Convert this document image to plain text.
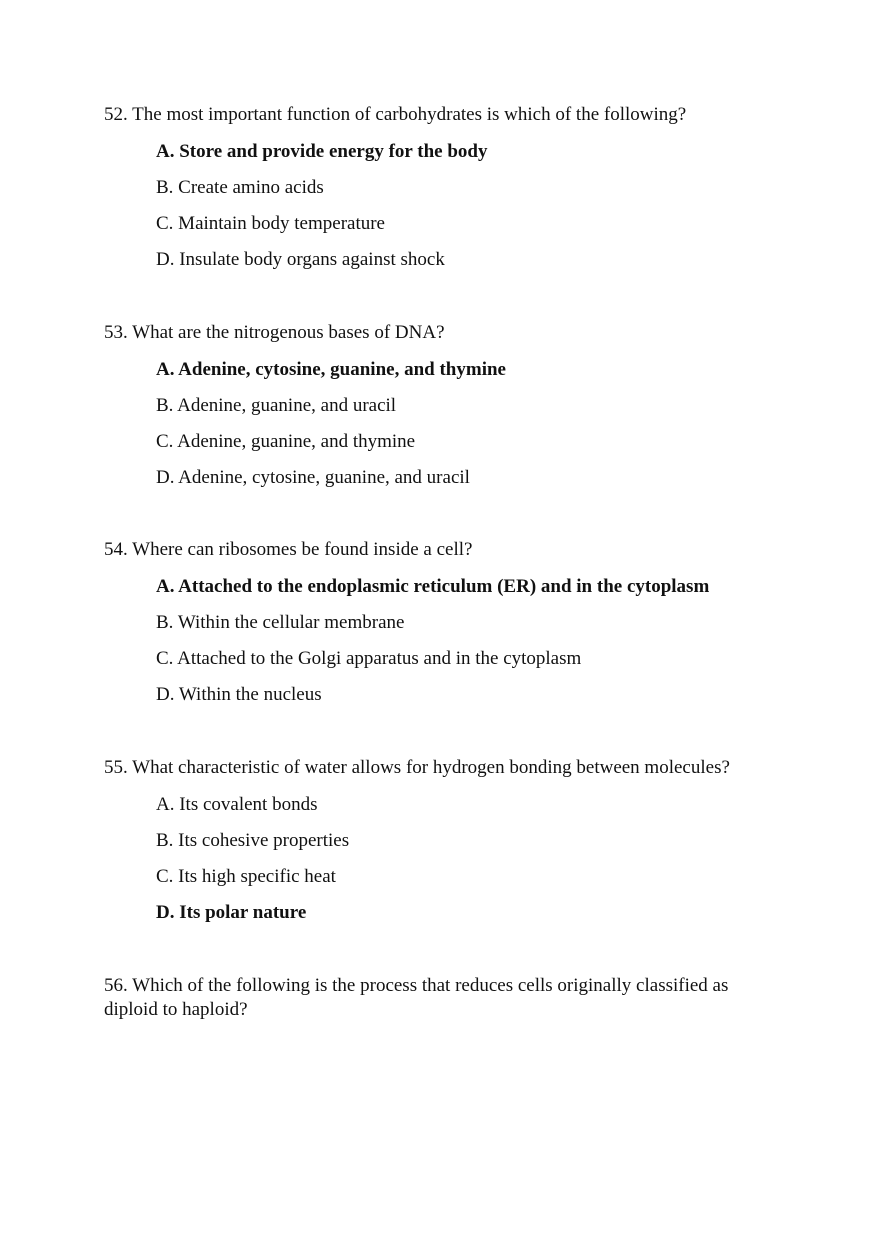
52. The most important function of carbohydrates is which of the following?

A. Store and provide energy for the body
B. Create amino acids
C. Maintain body temperature
D. Insulate body organs against shock

53. What are the nitrogenous bases of DNA?

A. Adenine, cytosine, guanine, and thymine
B. Adenine, guanine, and uracil
C. Adenine, guanine, and thymine
D. Adenine, cytosine, guanine, and uracil

54. Where can ribosomes be found inside a cell?

A. Attached to the endoplasmic reticulum (ER) and in the cytoplasm
B. Within the cellular membrane
C. Attached to the Golgi apparatus and in the cytoplasm
D. Within the nucleus

55. What characteristic of water allows for hydrogen bonding between molecules?

A. Its covalent bonds
B. Its cohesive properties
C. Its high specific heat
D. Its polar nature

56. Which of the following is the process that reduces cells originally classified as diploid to haploid?
